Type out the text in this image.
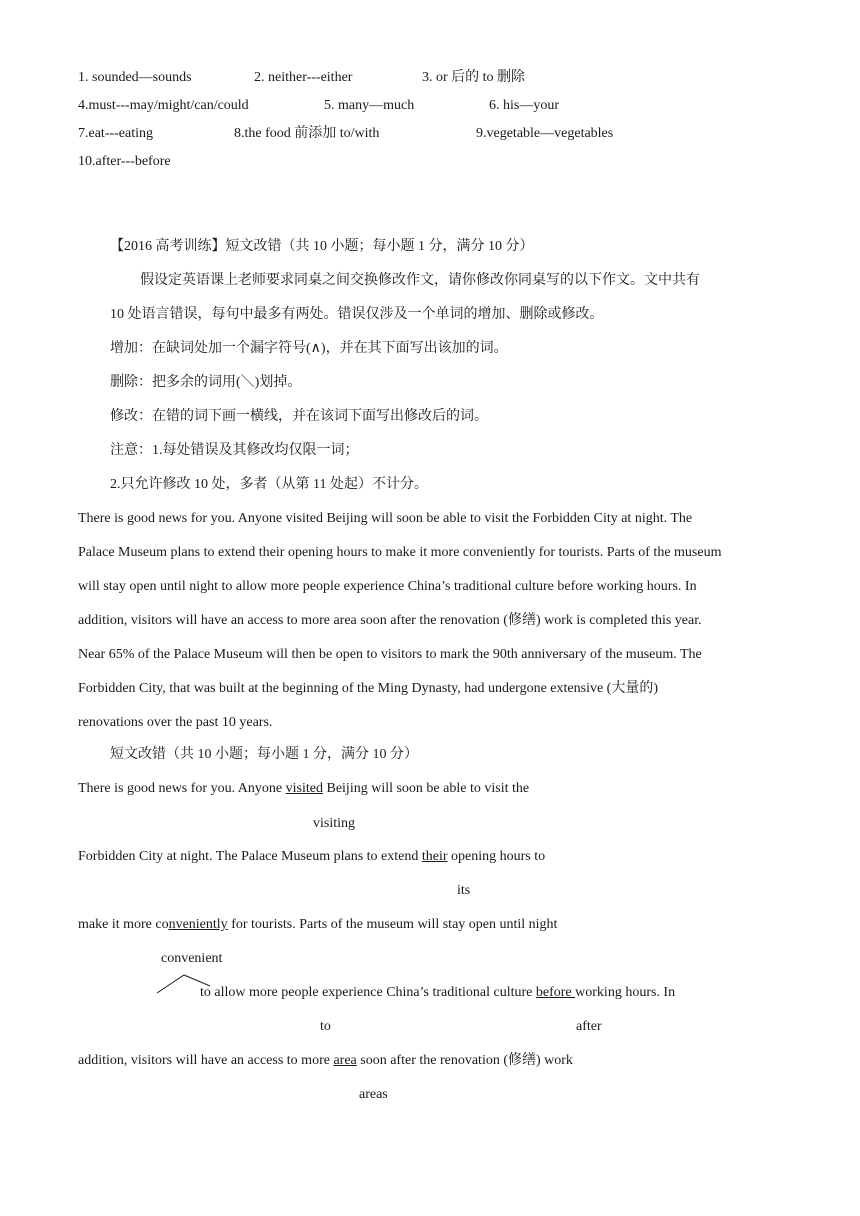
1. sounded—sounds	2. neither---either	3. or 后的 to 删除
4.must---may/might/can/could	5. many—much	6. his—your
7.eat---eating	8.the food 前添加 to/with	9.vegetable—vegetables
10.after---before
【2016 高考训练】短文改错（共 10 小题；每小题 1 分，满分 10 分）
假设定英语课上老师要求同桌之间交换修改作文，请你修改你同桌写的以下作文。文中共有
10 处语言错误，每句中最多有两处。错误仅涉及一个单词的增加、删除或修改。
增加：在缺词处加一个漏字符号(∧)，并在其下面写出该加的词。
删除：把多余的词用(＼)划掉。
修改：在错的词下画一横线，并在该词下面写出修改后的词。
注意：1.每处错误及其修改均仅限一词；
2.只允许修改 10 处，多者（从第 11 处起）不计分。
There is good news for you. Anyone visited Beijing will soon be able to visit the Forbidden City at night. The
Palace Museum plans to extend their opening hours to make it more conveniently for tourists. Parts of the museum
will stay open until night to allow more people experience China’s traditional culture before working hours. In
addition, visitors will have an access to more area soon after the renovation (修缮) work is completed this year.
Near 65% of the Palace Museum will then be open to visitors to mark the 90th anniversary of the museum. The
Forbidden City, that was built at the beginning of the Ming Dynasty, had undergone extensive (大量的)
renovations over the past 10 years.
短文改错（共 10 小题；每小题 1 分，满分 10 分）
There is good news for you. Anyone visited Beijing will soon be able to visit the
visiting
Forbidden City at night. The Palace Museum plans to extend their opening hours to
its
make it more conveniently for tourists. Parts of the museum will stay open until night
convenient
to allow more people experience China’s traditional culture before working hours. In
to	after
addition, visitors will have an access to more area soon after the renovation (修缮) work
areas
